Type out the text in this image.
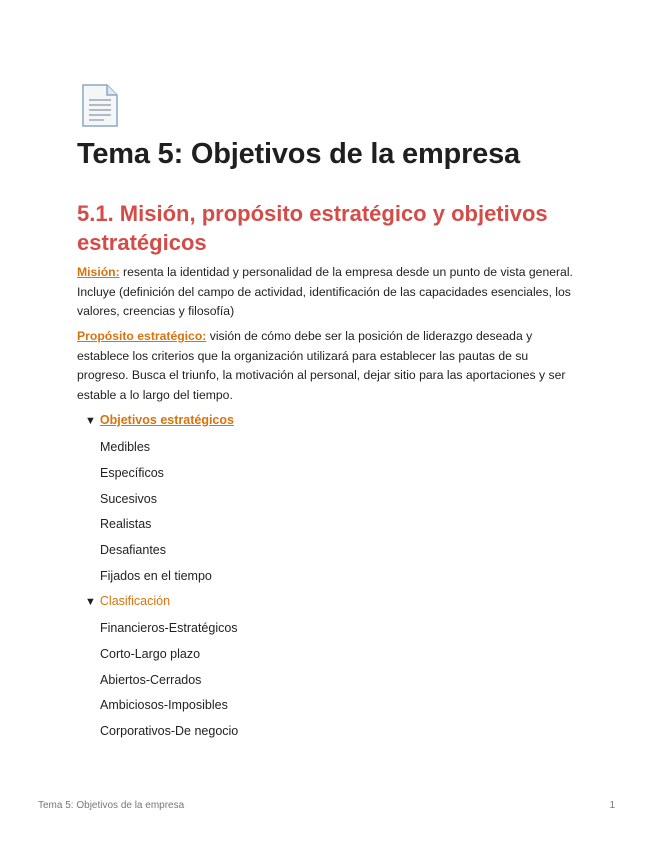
Tema 5: Objetivos de la empresa
5.1. Misión, propósito estratégico y objetivos estratégicos

Misión: resenta la identidad y personalidad de la empresa desde un punto de vista general. Incluye (definición del campo de actividad, identificación de las capacidades esenciales, los valores, creencias y filosofía)

Propósito estratégico: visión de cómo debe ser la posición de liderazgo deseada y establece los criterios que la organización utilizará para establecer las pautas de su progreso. Busca el triunfo, la motivación al personal, dejar sitio para las aportaciones y ser estable a lo largo del tiempo.

▼ Objetivos estratégicos
Medibles
Específicos
Sucesivos
Realistas
Desafiantes
Fijados en el tiempo
▼ Clasificación
Financieros-Estratégicos
Corto-Largo plazo
Abiertos-Cerrados
Ambiciosos-Imposibles
Corporativos-De negocio
Tema 5: Objetivos de la empresa	1
